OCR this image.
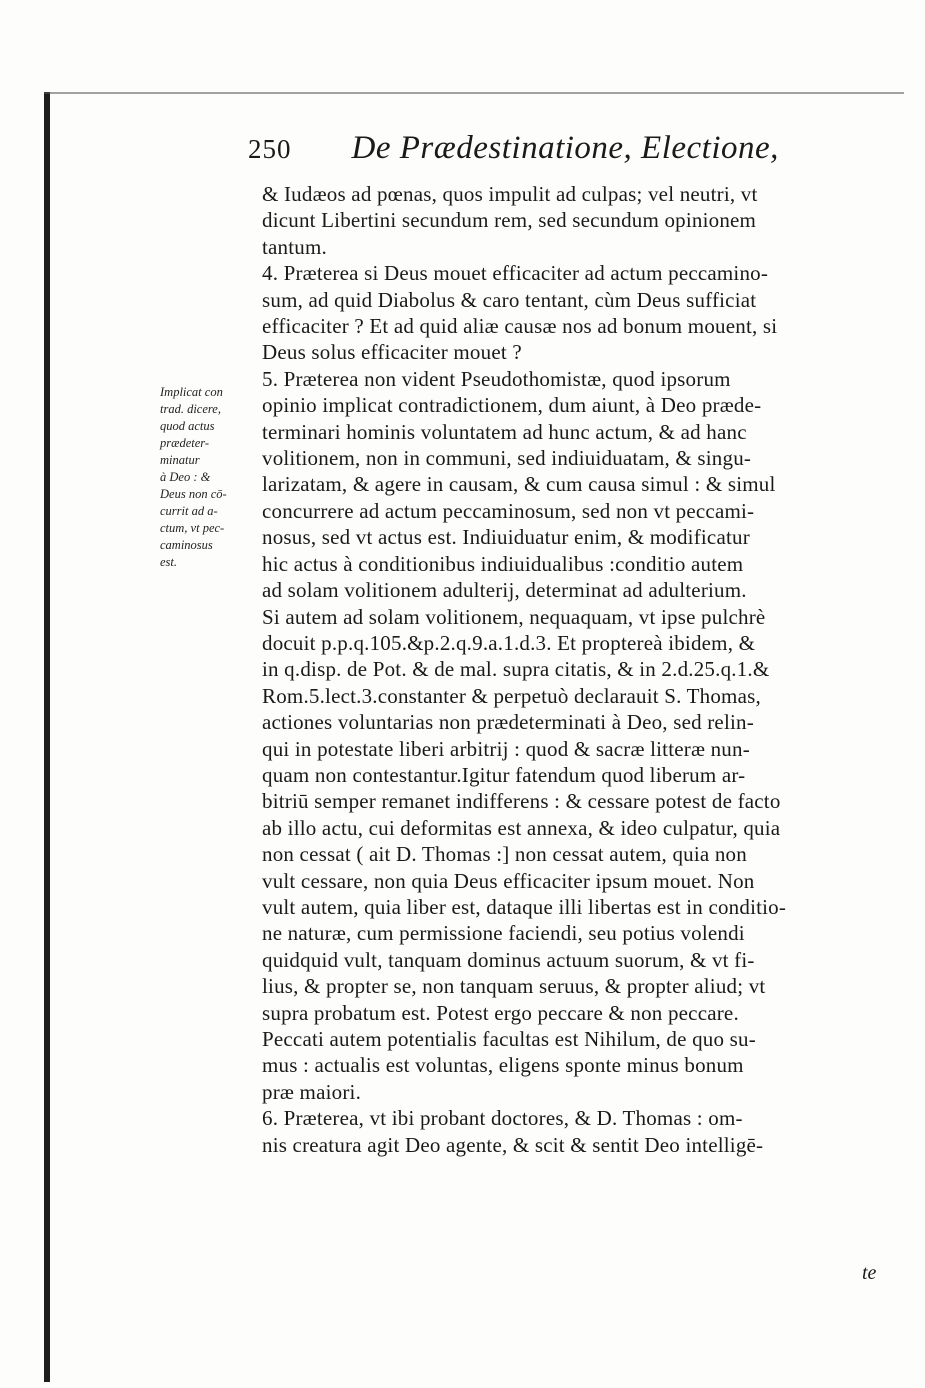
250 De Prædestinatione, Electione,
Implicat con
trad. dicere,
quod actus
prædeter-
minatur
à Deo : &
Deus non cō-
currit ad a-
ctum, vt pec-
caminosus
est.
& Iudæos ad pœnas, quos impulit ad culpas; vel neutri, vt
dicunt Libertini secundum rem, sed secundum opinionem
tantum.
4. Præterea si Deus mouet efficaciter ad actum peccamino-
sum, ad quid Diabolus & caro tentant, cùm Deus sufficiat
efficaciter ? Et ad quid aliæ causæ nos ad bonum mouent, si
Deus solus efficaciter mouet ?
5. Præterea non vident Pseudothomistæ, quod ipsorum
opinio implicat contradictionem, dum aiunt, à Deo præde-
terminari hominis voluntatem ad hunc actum, & ad hanc
volitionem, non in communi, sed indiuiduatam, & singu-
larizatam, & agere in causam, & cum causa simul : & simul
concurrere ad actum peccaminosum, sed non vt peccami-
nosus, sed vt actus est. Indiuiduatur enim, & modificatur
hic actus à conditionibus indiuidualibus :conditio autem
ad solam volitionem adulterij, determinat ad adulterium.
Si autem ad solam volitionem, nequaquam, vt ipse pulchrè
docuit p.p.q.105.&p.2.q.9.a.1.d.3. Et proptereà ibidem, &
in q.disp. de Pot. & de mal. supra citatis, & in 2.d.25.q.1.&
Rom.5.lect.3.constanter & perpetuò declarauit S. Thomas,
actiones voluntarias non prædeterminati à Deo, sed relin-
qui in potestate liberi arbitrij : quod & sacræ litteræ nun-
quam non contestantur.Igitur fatendum quod liberum ar-
bitriū semper remanet indifferens : & cessare potest de facto
ab illo actu, cui deformitas est annexa, & ideo culpatur, quia
non cessat ( ait D. Thomas :] non cessat autem, quia non
vult cessare, non quia Deus efficaciter ipsum mouet. Non
vult autem, quia liber est, dataque illi libertas est in conditio-
ne naturæ, cum permissione faciendi, seu potius volendi
quidquid vult, tanquam dominus actuum suorum, & vt fi-
lius, & propter se, non tanquam seruus, & propter aliud; vt
supra probatum est. Potest ergo peccare & non peccare.
Peccati autem potentialis facultas est Nihilum, de quo su-
mus : actualis est voluntas, eligens sponte minus bonum
præ maiori.
6. Præterea, vt ibi probant doctores, & D. Thomas : om-
nis creatura agit Deo agente, & scit & sentit Deo intelligē-
te
